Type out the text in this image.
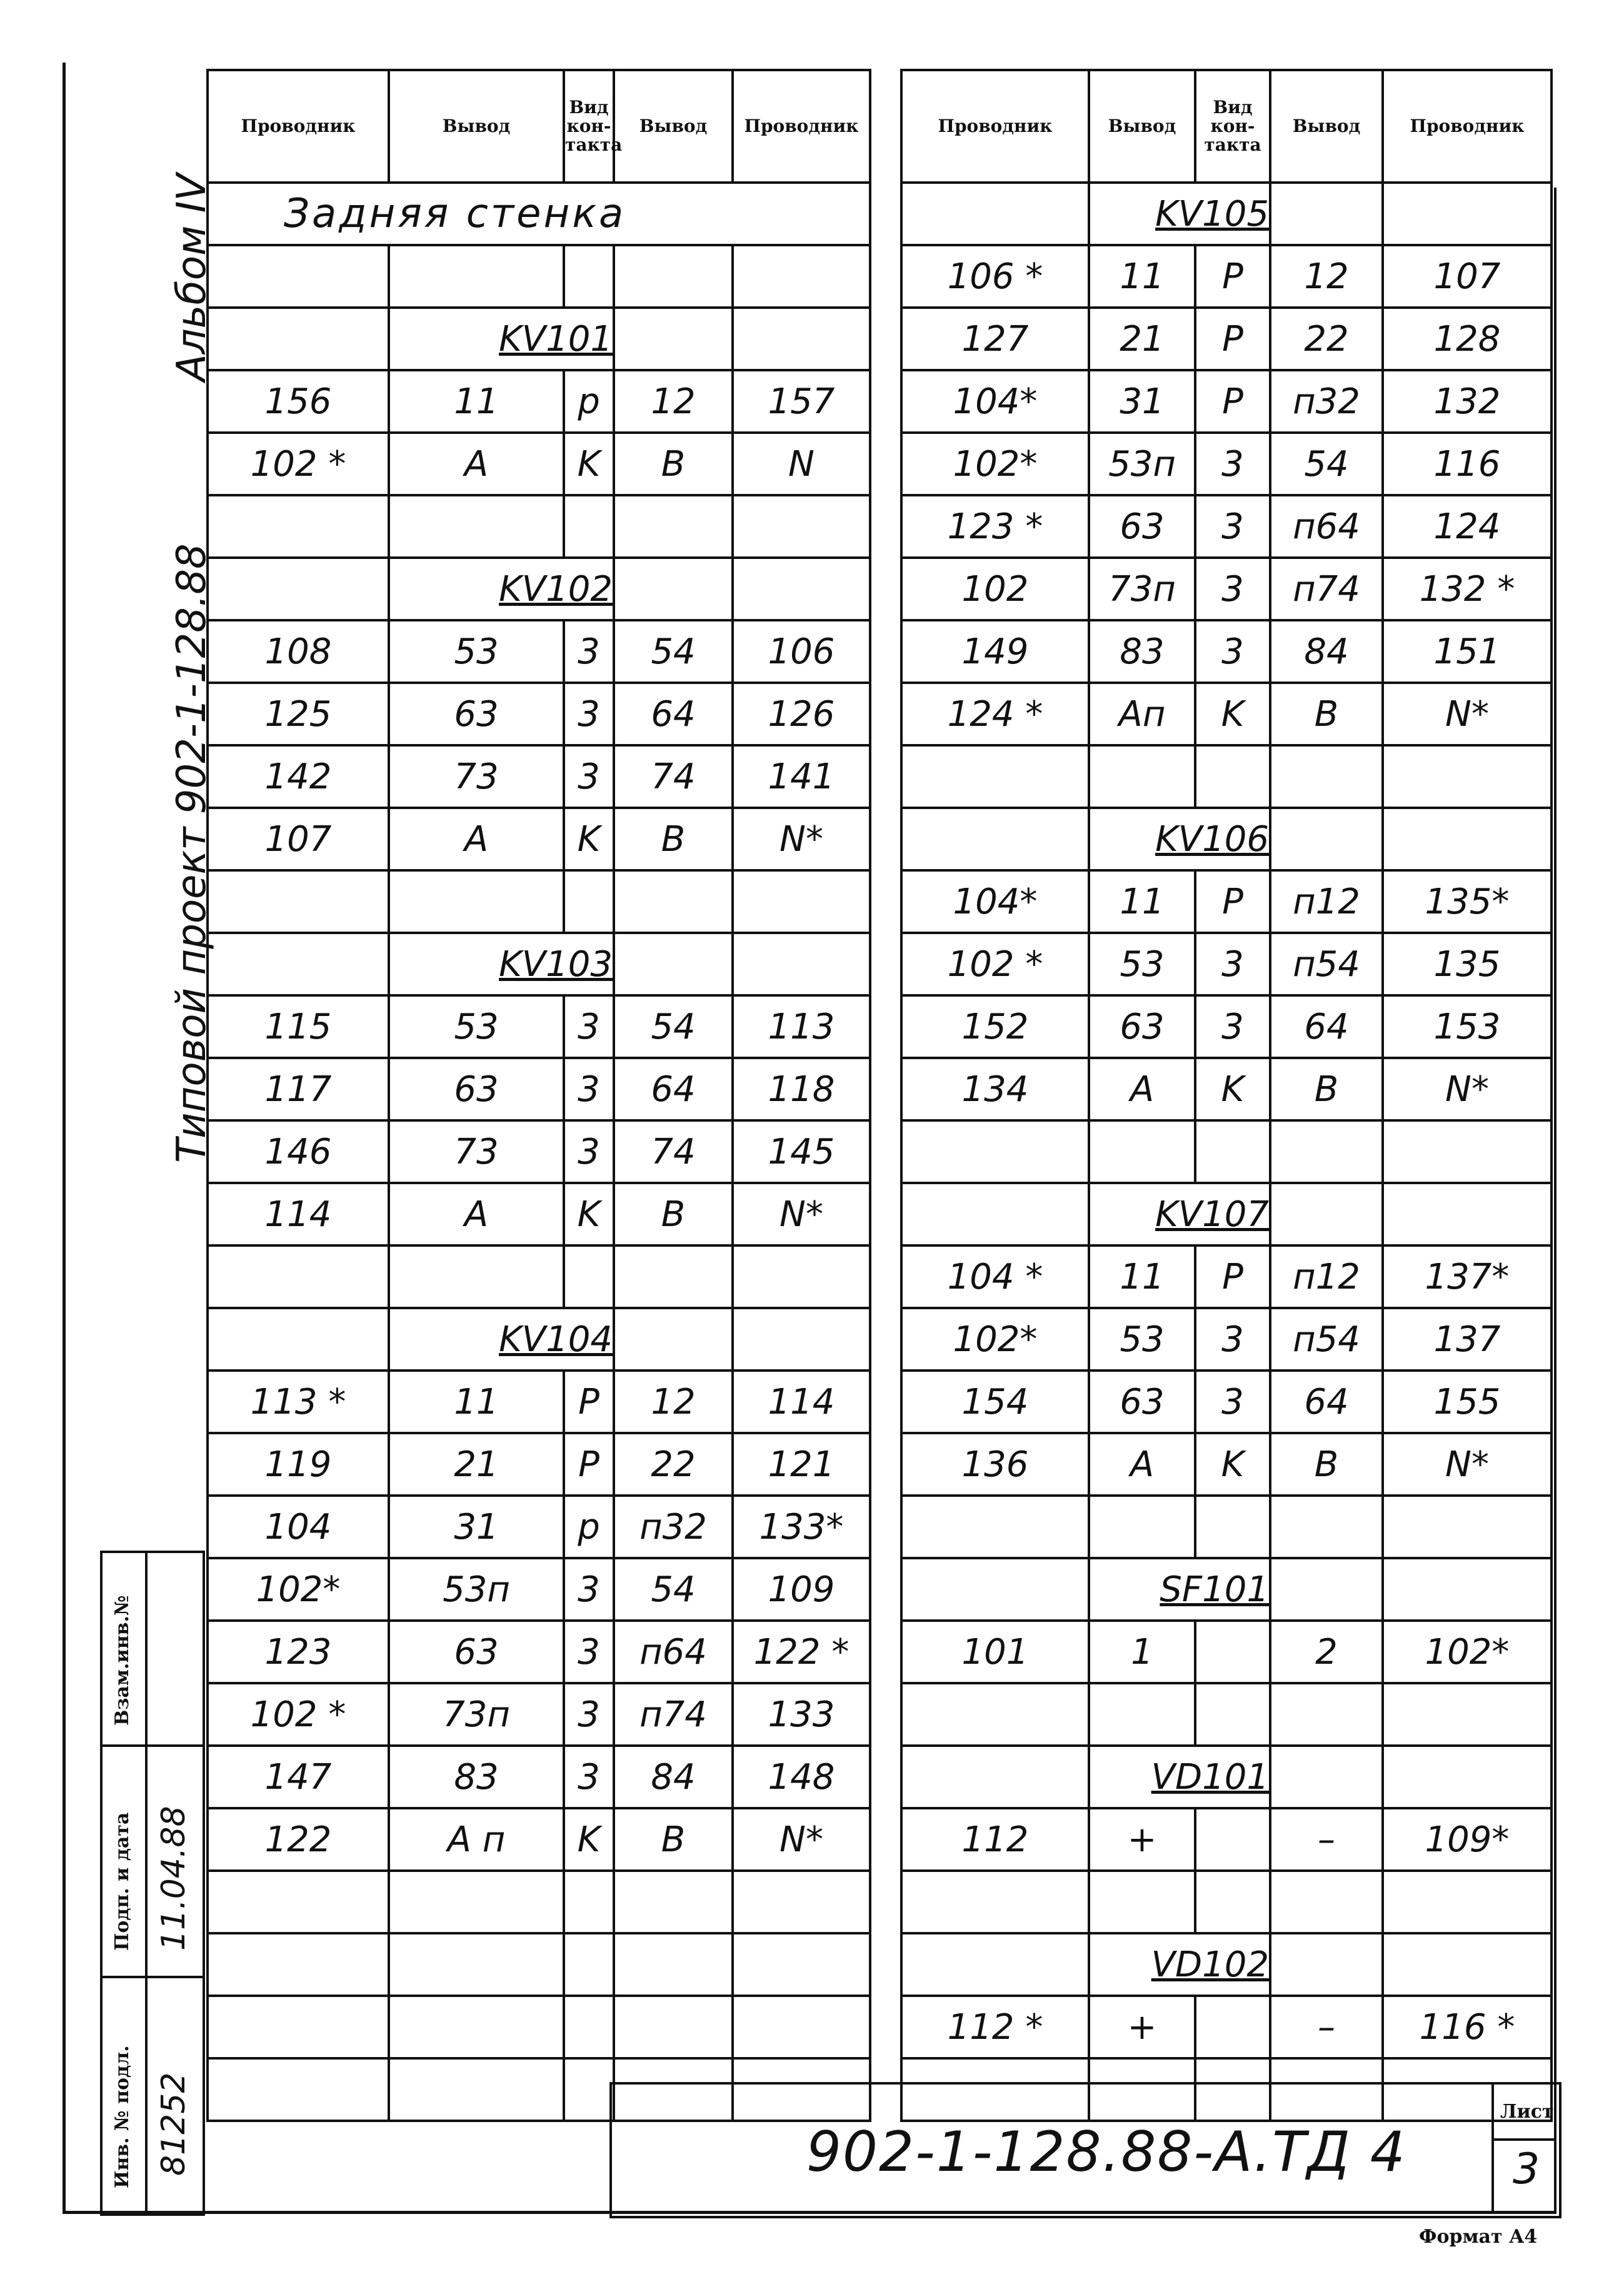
Альбом IV
Типовой проект 902-1-128.88
Проводник	Вывод	Вид кон-такта	Вывод	Проводник
Задняя стенка				

	KV101			
156	11	p	12	157
102 *	A	K	B	N

	KV102			
108	53	3	54	106
125	63	3	64	126
142	73	3	74	141
107	A	K	B	N*

	KV103			
115	53	3	54	113
117	63	3	64	118
146	73	3	74	145
114	A	K	B	N*

	KV104			
113 *	11	P	12	114
119	21	P	22	121
104	31	p	п32	133*
102*	53п	3	54	109
123	63	3	п64	122 *
102 *	73п	3	п74	133
147	83	3	84	148
122	A п	K	B	N*

Проводник	Вывод	Вид кон-такта	Вывод	Проводник
	KV105			
106 *	11	P	12	107
127	21	P	22	128
104*	31	P	п32	132
102*	53п	3	54	116
123 *	63	3	п64	124
102	73п	3	п74	132 *
149	83	3	84	151
124 *	Aп	K	B	N*

	KV106			
104*	11	P	п12	135*
102 *	53	3	п54	135
152	63	3	64	153
134	A	K	B	N*

	KV107			
104 *	11	P	п12	137*
102*	53	3	п54	137
154	63	3	64	155
136	A	K	B	N*

	SF101			
101	1		2	102*

	VD101			
112	+		–	109*

	VD102			
112 *	+		–	116 *

Взам.инв.№
Подп. и дата
Инв. № подл.
11.04.88
81252	902-1-128.88-А.ТД 4
Лист
3
Формат А4
